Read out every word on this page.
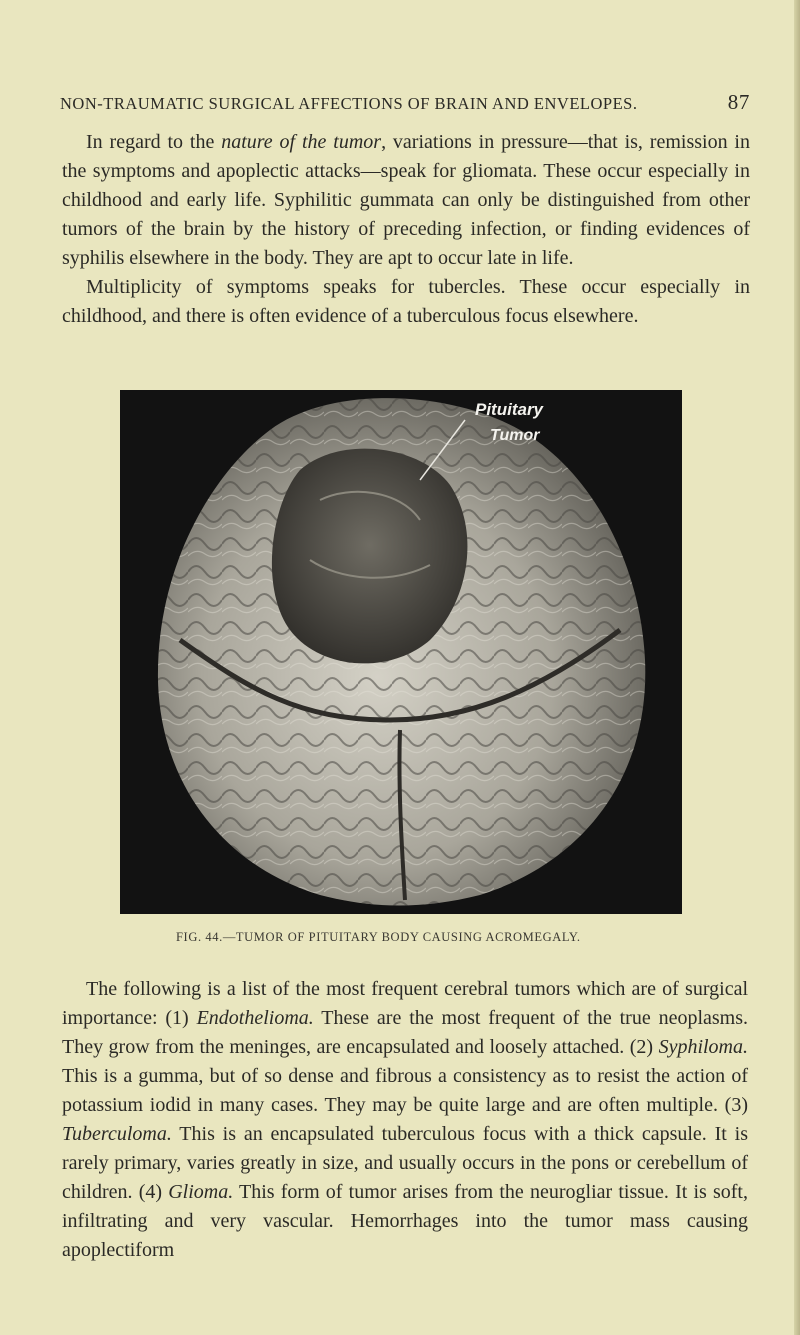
NON-TRAUMATIC SURGICAL AFFECTIONS OF BRAIN AND ENVELOPES.	87
In regard to the nature of the tumor, variations in pressure—that is, remission in the symptoms and apoplectic attacks—speak for gliomata. These occur especially in childhood and early life. Syphilitic gummata can only be distinguished from other tumors of the brain by the history of preceding infection, or finding evidences of syphilis elsewhere in the body. They are apt to occur late in life.
Multiplicity of symptoms speaks for tubercles. These occur especially in childhood, and there is often evidence of a tuberculous focus elsewhere.
Pituitary
Tumor
FIG. 44.—TUMOR OF PITUITARY BODY CAUSING ACROMEGALY.
The following is a list of the most frequent cerebral tumors which are of surgical importance: (1) Endothelioma. These are the most frequent of the true neoplasms. They grow from the meninges, are encapsulated and loosely attached. (2) Syphiloma. This is a gumma, but of so dense and fibrous a consistency as to resist the action of potassium iodid in many cases. They may be quite large and are often multiple. (3) Tuberculoma. This is an encapsulated tuberculous focus with a thick capsule. It is rarely primary, varies greatly in size, and usually occurs in the pons or cerebellum of children. (4) Glioma. This form of tumor arises from the neurogliar tissue. It is soft, infiltrating and very vascular. Hemorrhages into the tumor mass causing apoplectiform
